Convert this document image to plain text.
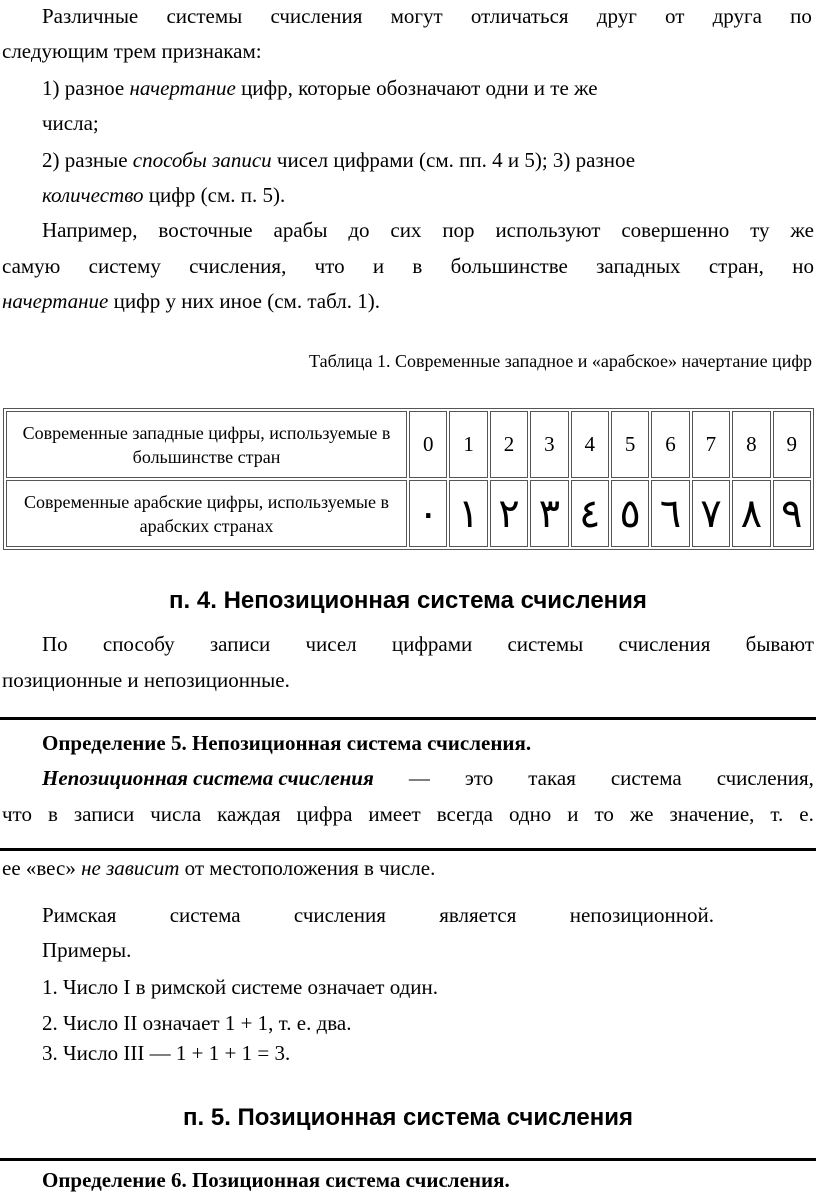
Различные системы счисления могут отличаться друг от друга по
следующим трем признакам:
1) разное начертание цифр, которые обозначают одни и те же
числа;
2) разные способы записи чисел цифрами (см. пп. 4 и 5); 3) разное
количество цифр (см. п. 5).
Например, восточные арабы до сих пор используют совершенно ту же
самую систему счисления, что и в большинстве западных стран, но
начертание цифр у них иное (см. табл. 1).
Таблица 1. Современные западное и «арабское» начертание цифр
Современные западные цифры, используемые в большинстве стран	0	1	2	3	4	5	6	7	8	9
Современные арабские цифры, используемые в арабских странах	٠	١	٢	٣	٤	٥	٦	٧	٨	٩
п. 4. Непозиционная система счисления
По способу записи чисел цифрами системы счисления бывают
позиционные и непозиционные.
Определение 5. Непозиционная система счисления.
Непозиционная система счисления — это такая система счисления,
что в записи числа каждая цифра имеет всегда одно и то же значение, т. е.
ее «вес» не зависит от местоположения в числе.
Римская	система	счисления	является	непозиционной.
Примеры.
1. Число I в римской системе означает один.
2. Число II означает 1 + 1, т. е. два.
3. Число III — 1 + 1 + 1 = 3.
п. 5. Позиционная система счисления
Определение 6. Позиционная система счисления.
